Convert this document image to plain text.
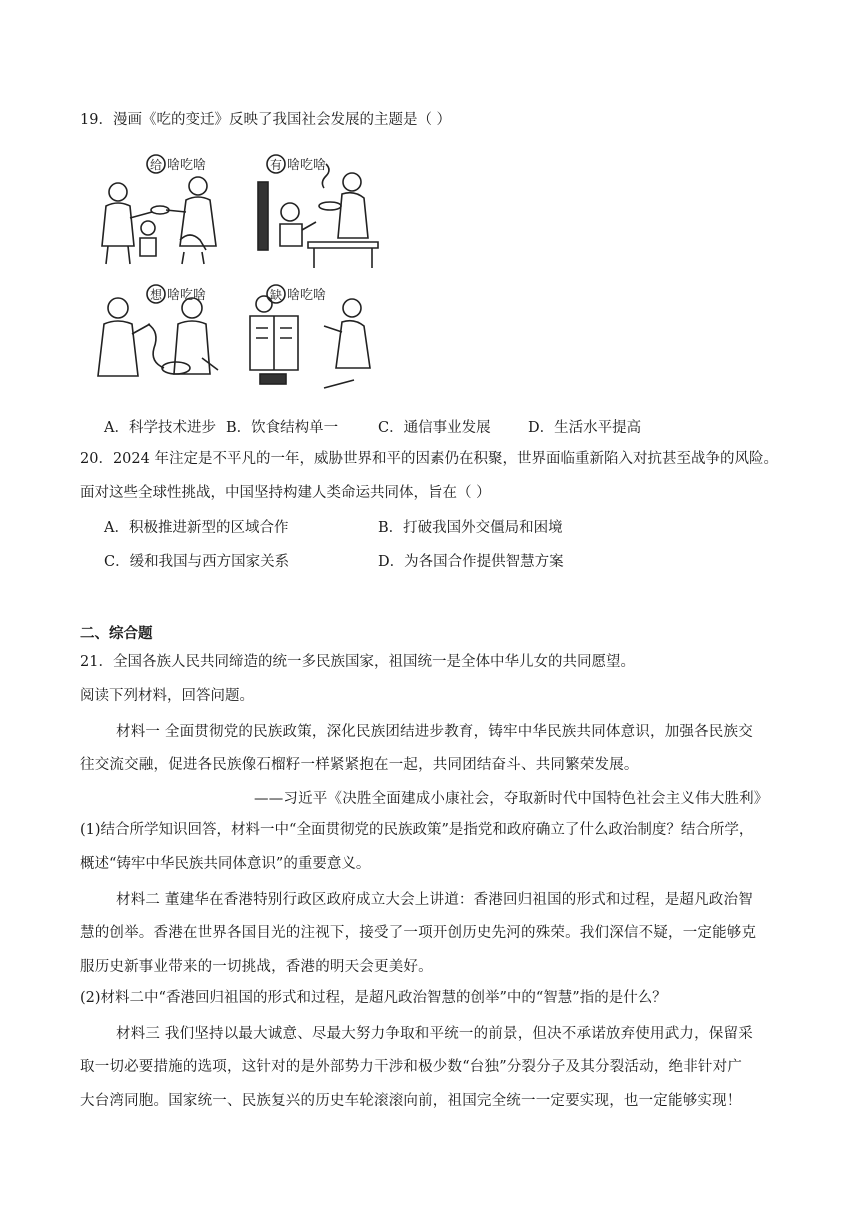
19．漫画《吃的变迁》反映了我国社会发展的主题是（ ）
给 啥吃啥	有 啥吃啥
想 啥吃啥	缺 啥吃啥
A．科学技术进步 B．饮食结构单一	C．通信事业发展	D．生活水平提高
20．2024 年注定是不平凡的一年，威胁世界和平的因素仍在积聚，世界面临重新陷入对抗甚至战争的风险。
面对这些全球性挑战，中国坚持构建人类命运共同体，旨在（ ）
A．积极推进新型的区域合作	B．打破我国外交僵局和困境
C．缓和我国与西方国家关系	D．为各国合作提供智慧方案
二、综合题
21．全国各族人民共同缔造的统一多民族国家，祖国统一是全体中华儿女的共同愿望。
阅读下列材料，回答问题。
材料一 全面贯彻党的民族政策，深化民族团结进步教育，铸牢中华民族共同体意识，加强各民族交
往交流交融，促进各民族像石榴籽一样紧紧抱在一起，共同团结奋斗、共同繁荣发展。
——习近平《决胜全面建成小康社会，夺取新时代中国特色社会主义伟大胜利》
(1)结合所学知识回答，材料一中“全面贯彻党的民族政策”是指党和政府确立了什么政治制度？结合所学，
概述“铸牢中华民族共同体意识”的重要意义。
材料二 董建华在香港特别行政区政府成立大会上讲道：香港回归祖国的形式和过程，是超凡政治智
慧的创举。香港在世界各国目光的注视下，接受了一项开创历史先河的殊荣。我们深信不疑，一定能够克
服历史新事业带来的一切挑战，香港的明天会更美好。
(2)材料二中“香港回归祖国的形式和过程，是超凡政治智慧的创举”中的“智慧”指的是什么？
材料三 我们坚持以最大诚意、尽最大努力争取和平统一的前景，但决不承诺放弃使用武力，保留采
取一切必要措施的选项，这针对的是外部势力干涉和极少数“台独”分裂分子及其分裂活动，绝非针对广
大台湾同胞。国家统一、民族复兴的历史车轮滚滚向前，祖国完全统一一定要实现，也一定能够实现！
